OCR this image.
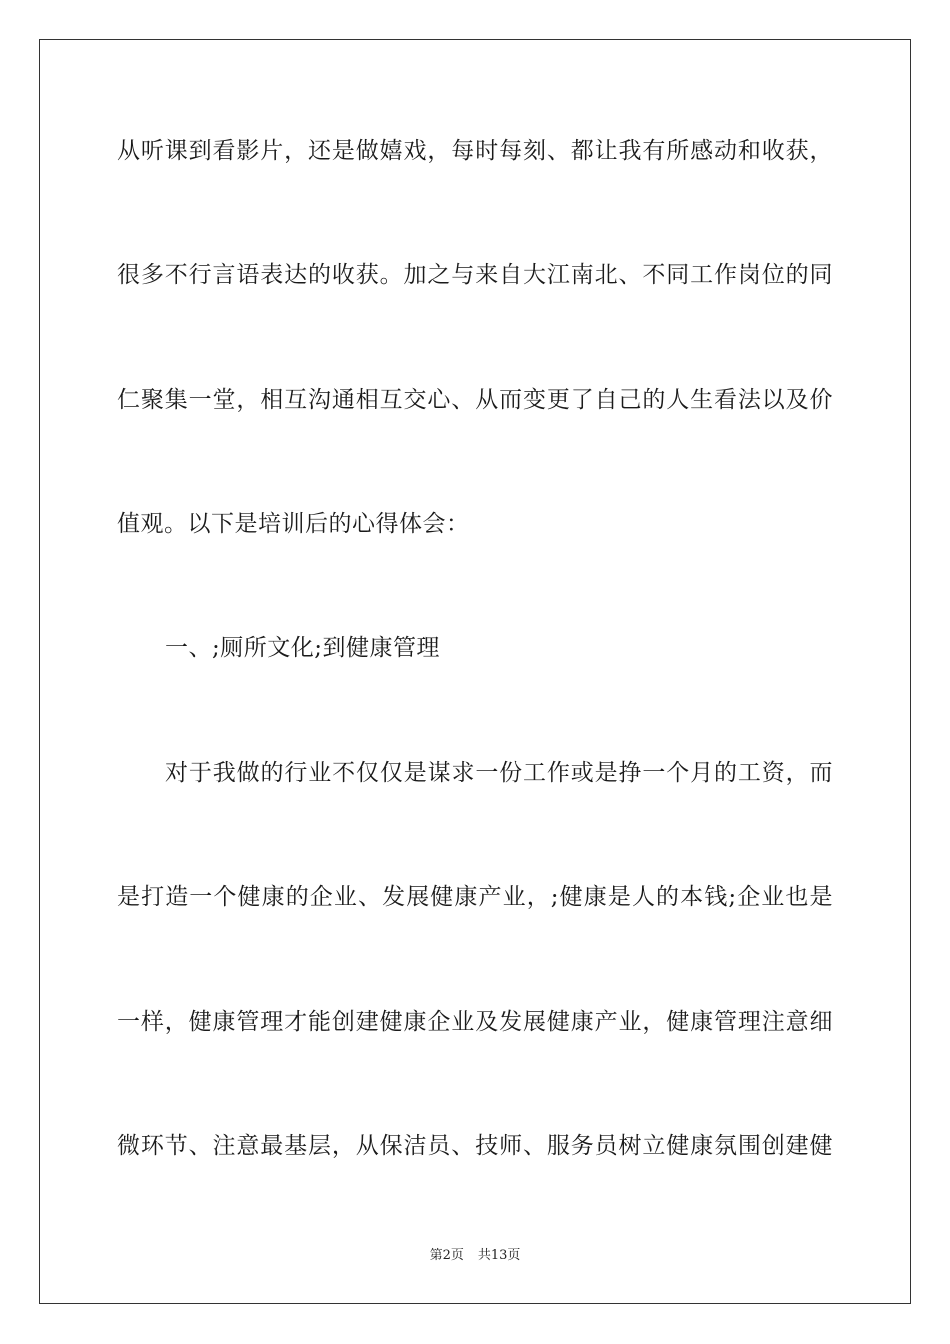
从听课到看影片，还是做嬉戏，每时每刻、都让我有所感动和收获，
很多不行言语表达的收获。加之与来自大江南北、不同工作岗位的同
仁聚集一堂，相互沟通相互交心、从而变更了自己的人生看法以及价
值观。以下是培训后的心得体会：
一、;厕所文化;到健康管理
对于我做的行业不仅仅是谋求一份工作或是挣一个月的工资，而
是打造一个健康的企业、发展健康产业，;健康是人的本钱;企业也是
一样，健康管理才能创建健康企业及发展健康产业，健康管理注意细
微环节、注意最基层，从保洁员、技师、服务员树立健康氛围创建健
第2页 共13页
